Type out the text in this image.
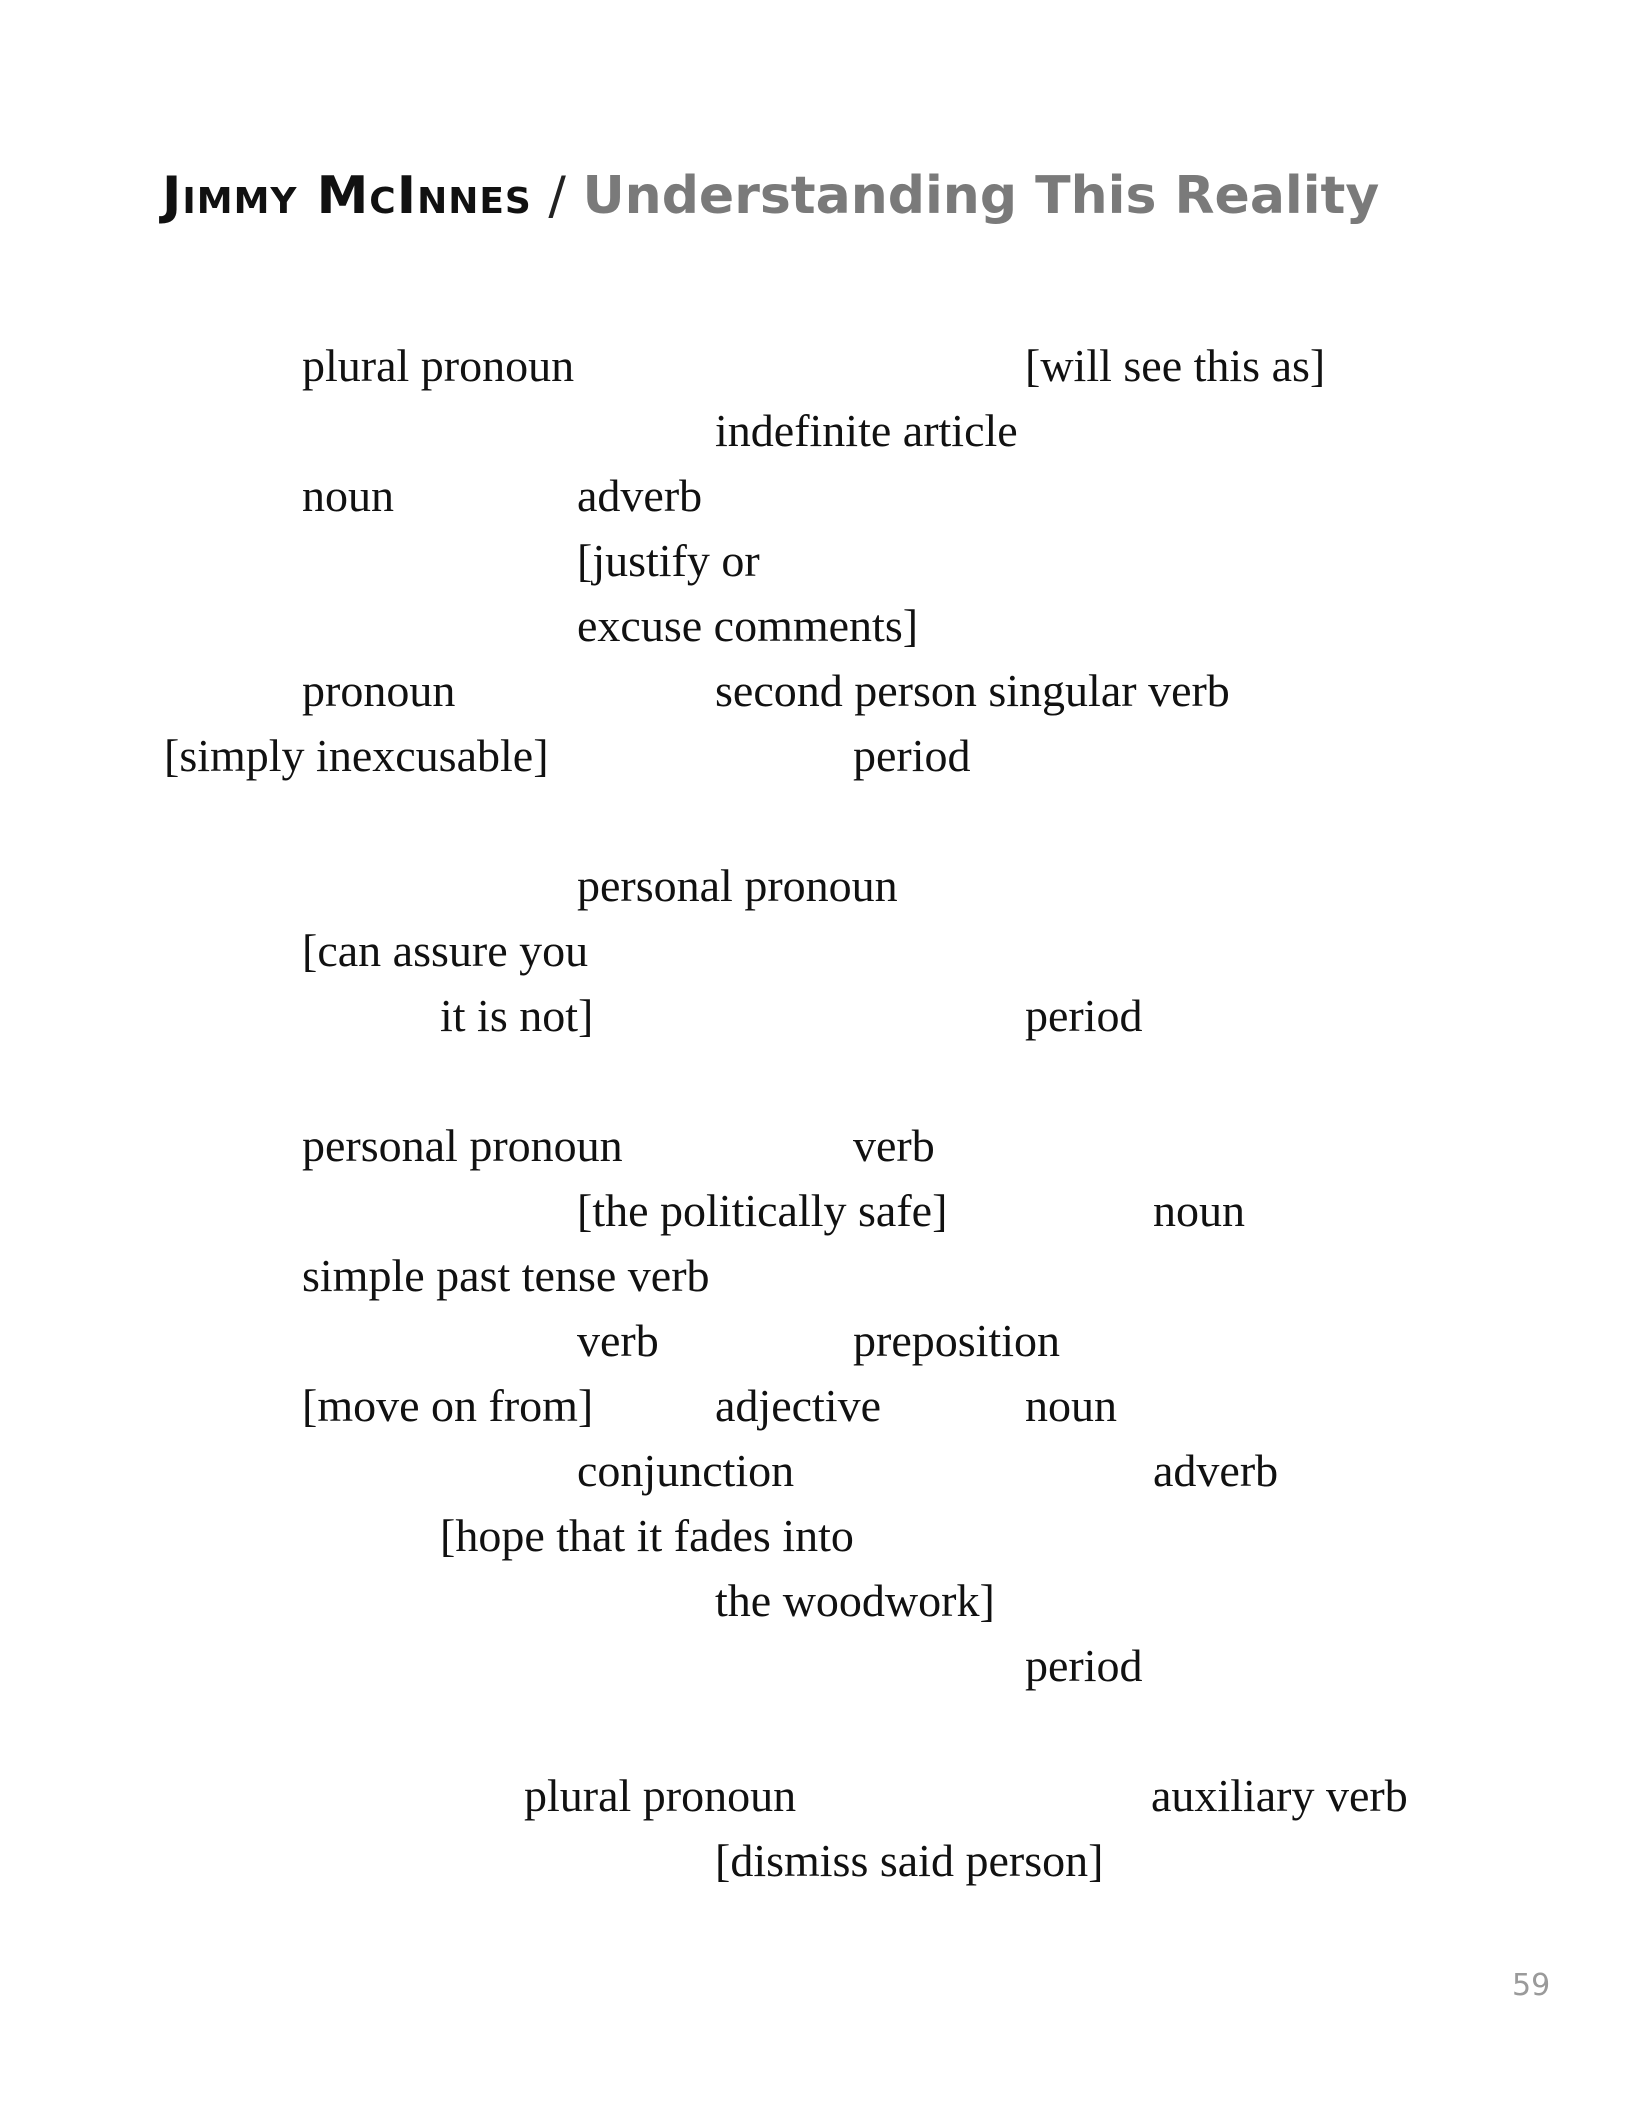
Jimmy McInnes / Understanding This Reality
plural pronoun	[will see this as]
indefinite article
noun	adverb
[justify or
excuse comments]
pronoun	second person singular verb
[simply inexcusable]	period
personal pronoun
[can assure you
it is not]	period
personal pronoun	verb
[the politically safe]	noun
simple past tense verb
verb	preposition
[move on from]	adjective	noun
conjunction	adverb
[hope that it fades into
the woodwork]
period
plural pronoun	auxiliary verb
[dismiss said person]
59
